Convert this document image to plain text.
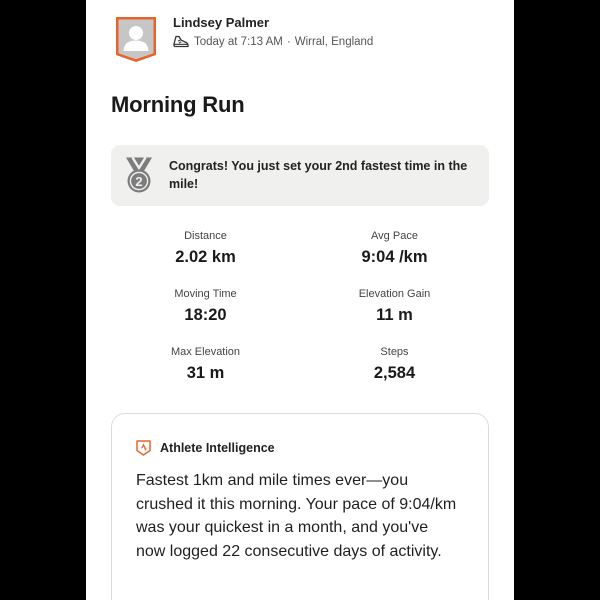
Lindsey Palmer
Today at 7:13 AM · Wirral, England
Morning Run
2
Congrats! You just set your 2nd fastest time in the mile!
Distance
2.02 km
Avg Pace
9:04 /km
Moving Time
18:20
Elevation Gain
11 m
Max Elevation
31 m
Steps
2,584
Athlete Intelligence
Fastest 1km and mile times ever—you crushed it this morning. Your pace of 9:04/km was your quickest in a month, and you've now logged 22 consecutive days of activity.
